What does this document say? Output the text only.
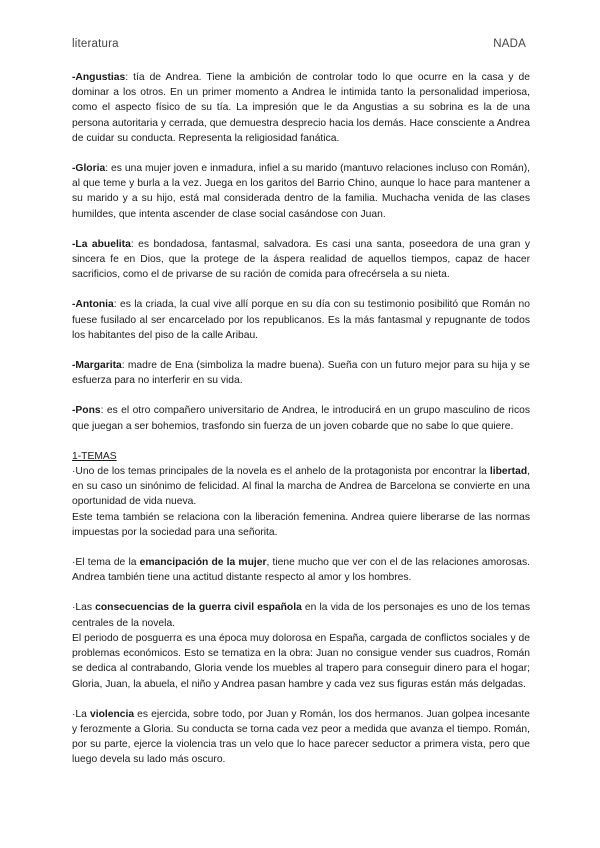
literatura	NADA

-Angustias: tía de Andrea. Tiene la ambición de controlar todo lo que ocurre en la casa y de dominar a los otros. En un primer momento a Andrea le intimida tanto la personalidad imperiosa, como el aspecto físico de su tía. La impresión que le da Angustias a su sobrina es la de una persona autoritaria y cerrada, que demuestra desprecio hacia los demás. Hace consciente a Andrea de cuidar su conducta. Representa la religiosidad fanática.

-Gloria: es una mujer joven e inmadura, infiel a su marido (mantuvo relaciones incluso con Román), al que teme y burla a la vez. Juega en los garitos del Barrio Chino, aunque lo hace para mantener a su marido y a su hijo, está mal considerada dentro de la familia. Muchacha venida de las clases humildes, que intenta ascender de clase social casándose con Juan.

-La abuelita: es bondadosa, fantasmal, salvadora. Es casi una santa, poseedora de una gran y sincera fe en Dios, que la protege de la áspera realidad de aquellos tiempos, capaz de hacer sacrificios, como el de privarse de su ración de comida para ofrecérsela a su nieta.

-Antonia: es la criada, la cual vive allí porque en su día con su testimonio posibilitó que Román no fuese fusilado al ser encarcelado por los republicanos. Es la más fantasmal y repugnante de todos los habitantes del piso de la calle Aribau.

-Margarita: madre de Ena (simboliza la madre buena). Sueña con un futuro mejor para su hija y se esfuerza para no interferir en su vida.

-Pons: es el otro compañero universitario de Andrea, le introducirá en un grupo masculino de ricos que juegan a ser bohemios, trasfondo sin fuerza de un joven cobarde que no sabe lo que quiere.

1-TEMAS
·Uno de los temas principales de la novela es el anhelo de la protagonista por encontrar la libertad, en su caso un sinónimo de felicidad. Al final la marcha de Andrea de Barcelona se convierte en una oportunidad de vida nueva.
Este tema también se relaciona con la liberación femenina. Andrea quiere liberarse de las normas impuestas por la sociedad para una señorita.

·El tema de la emancipación de la mujer, tiene mucho que ver con el de las relaciones amorosas. Andrea también tiene una actitud distante respecto al amor y los hombres.

·Las consecuencias de la guerra civil española en la vida de los personajes es uno de los temas centrales de la novela.
El periodo de posguerra es una época muy dolorosa en España, cargada de conflictos sociales y de problemas económicos. Esto se tematiza en la obra: Juan no consigue vender sus cuadros, Román se dedica al contrabando, Gloria vende los muebles al trapero para conseguir dinero para el hogar; Gloria, Juan, la abuela, el niño y Andrea pasan hambre y cada vez sus figuras están más delgadas.

·La violencia es ejercida, sobre todo, por Juan y Román, los dos hermanos. Juan golpea incesante y ferozmente a Gloria. Su conducta se torna cada vez peor a medida que avanza el tiempo. Román, por su parte, ejerce la violencia tras un velo que lo hace parecer seductor a primera vista, pero que luego devela su lado más oscuro.
